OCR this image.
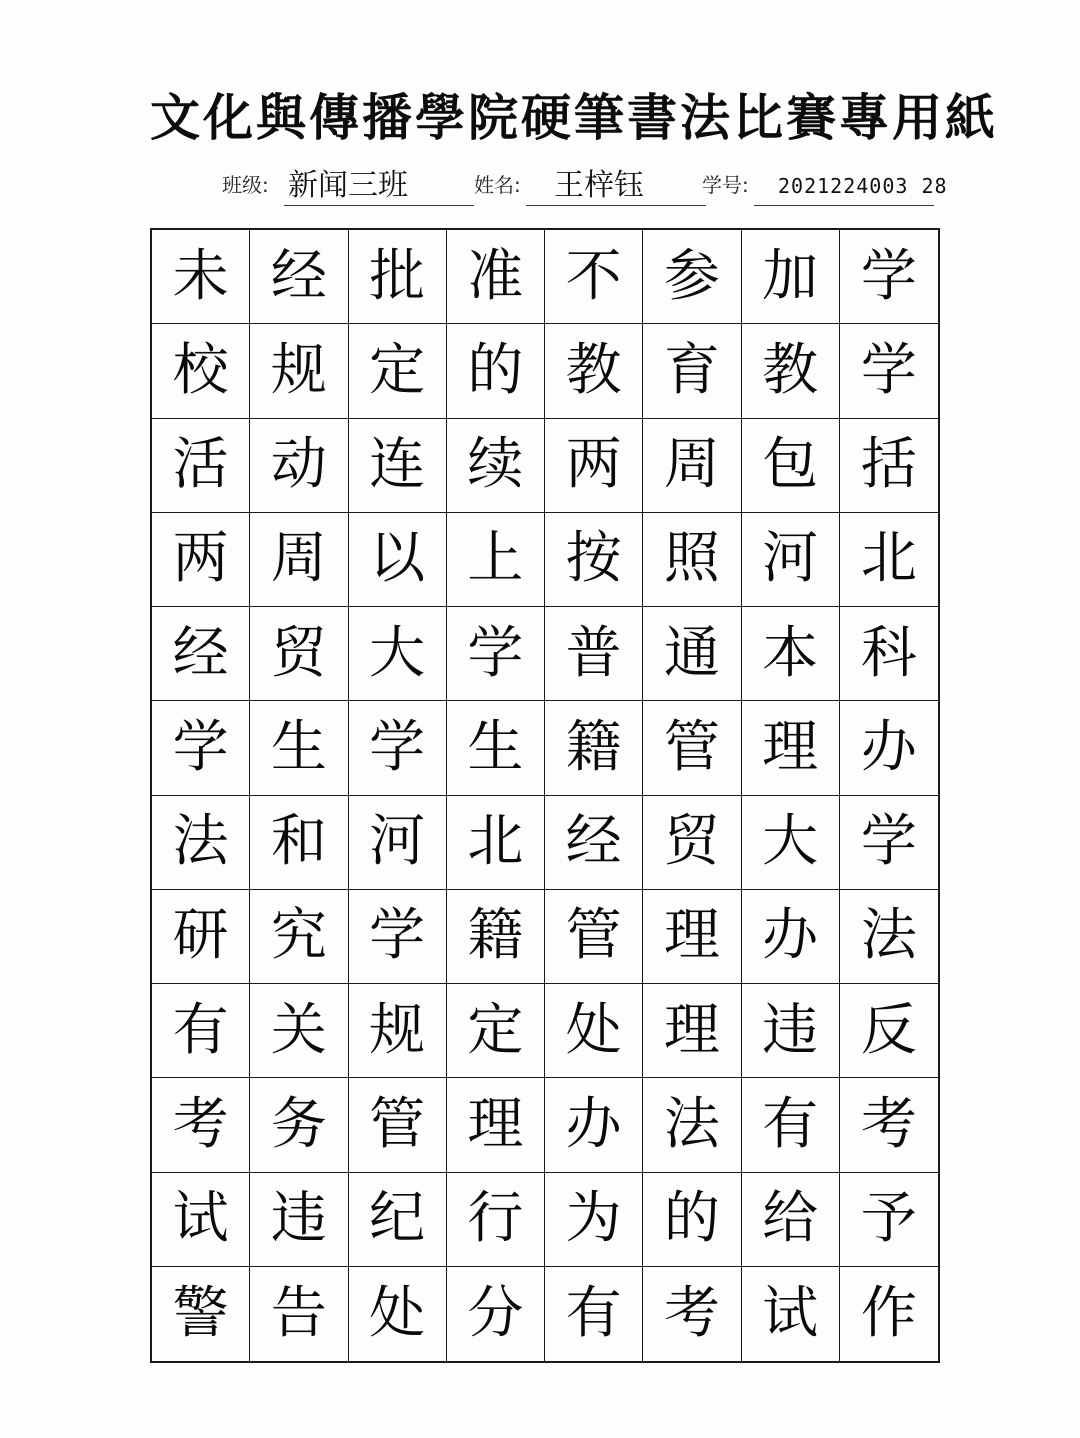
文化與傳播學院硬筆書法比賽專用紙
班级: 新闻三班	姓名: 王梓钰	学号: 2021224003 28
未 经 批 准 不 参 加 学
校 规 定 的 教 育 教 学
活 动 连 续 两 周 包 括
两 周 以 上 按 照 河 北
经 贸 大 学 普 通 本 科
学 生 学 生 籍 管 理 办
法 和 河 北 经 贸 大 学
研 究 学 籍 管 理 办 法
有 关 规 定 处 理 违 反
考 务 管 理 办 法 有 考
试 违 纪 行 为 的 给 予
警 告 处 分 有 考 试 作
